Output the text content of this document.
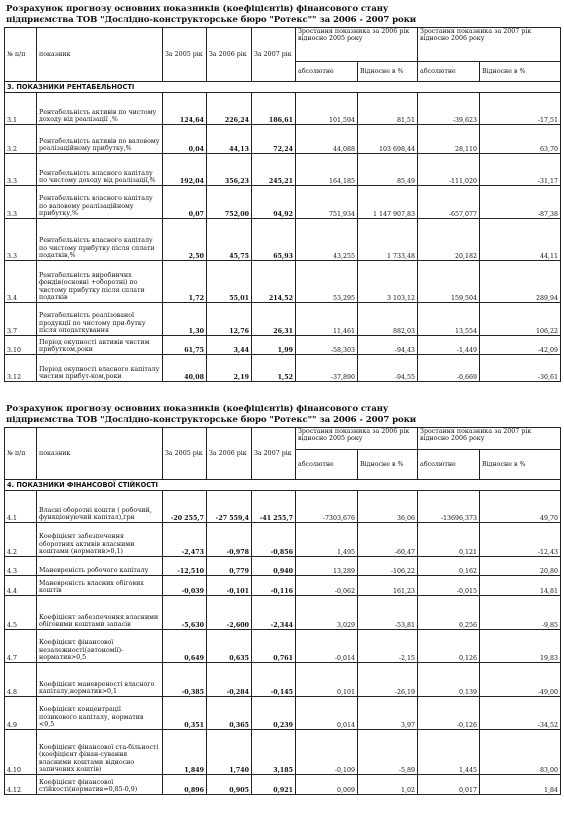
Розрахунок прогнозу основних показників (коефіцієнтів) фінансового стану
підприємства ТОВ "Дослідно-конструкторське бюро "Ротекс"" за 2006 - 2007 роки
№ п/п	показник	За 2005 рік	За 2006 рік	За 2007 рік	Зростання показника за 2006 рік відносно 2005 року		Зростання показника за 2007 рік відносно 2006 року	
					абсолютне	Відносне в %	абсолютне	Відносне в %
3. ПОКАЗНИКИ РЕНТАБЕЛЬНОСТІ								
3.1	Рентабельність активів по чистому доходу від реалізації ,%	124,64	226,24	186,61	101,594	81,51	-39,623	-17,51
3.2	Рентабельність активів по валовому реалізаційному прибутку,%	0,04	44,13	72,24	44,088	103 698,44	28,110	63,70
3.3	Рентабельність власного капіталу по чистому доходу від реалізації,%	192,04	356,23	245,21	164,185	85,49	-111,020	-31,17
3.3	Рентабельність власного капіталу по валовому реалізаційному прибутку,%	0,07	752,00	94,92	751,934	1 147 907,83	-657,077	-87,38
3.3	Рентабельність власного капіталу по чистому прибутку після сплати податків,%	2,50	45,75	65,93	43,255	1 733,48	20,182	44,11
3.4	Рентабельність виробничих фондів(основні +оборотні) по чистому прибутку після сплати податків	1,72	55,01	214,52	53,295	3 103,12	159,504	289,94
3.7	Рентабельність реалізованої продукції по чистому при-бутку після оподаткування	1,30	12,76	26,31	11,461	882,03	13,554	106,22
3.10	Період окупності активів чистим прибутком,роки	61,75	3,44	1,99	-58,303	-94,43	-1,449	-42,09
3.12	Період окупності власного капіталу чистим прибут-ком,роки	40,08	2,19	1,52	-37,890	-94,55	-0,669	-30,61
Розрахунок прогнозу основних показників (коефіцієнтів) фінансового стану
підприємства ТОВ "Дослідно-конструкторське бюро "Ротекс"" за 2006 - 2007 роки
№ п/п	показник	За 2005 рік	За 2006 рік	За 2007 рік	Зростання показника за 2006 рік відносно 2005 року		Зростання показника за 2007 рік відносно 2006 року	
					абсолютне	Відносне в %	абсолютне	Відносне в %
4. ПОКАЗНИКИ ФІНАНСОВОЇ СТІЙКОСТІ								
4.1	Власні оборотні кошти ( робочий, функціонуючий капітал),грн	-20 255,7	-27 559,4	-41 255,7	-7303,676	36,06	-13696,373	49,70
4.2	Коефіцієнт забезпечення оборотних активів власними коштами (норматив>0,1)	-2,473	-0,978	-0,856	1,495	-60,47	0,121	-12,43
4.3	Маневреність робочого капіталу	-12,510	0,779	0,940	13,289	-106,22	0,162	20,80
4.4	Маневреність власних обігових коштів	-0,039	-0,101	-0,116	-0,062	161,23	-0,015	14,81
4.5	Коефіцієнт забезпечення власними обіговими коштами запасів	-5,630	-2,600	-2,344	3,029	-53,81	0,256	-9,85
4.7	Коефіцієнт фінансової незалежності(автономії)-норматив>0,5	0,649	0,635	0,761	-0,014	-2,15	0,126	19,83
4.8	Коефіцієнт маневреності власного капіталу,норматив>0,1	-0,385	-0,284	-0,145	0,101	-26,19	0,139	-49,00
4.9	Коефіцієнт концентрації позикового капіталу, норматив <0,5	0,351	0,365	0,239	0,014	3,97	-0,126	-34,52
4.10	Коефіцієнт фінансової ста-більності (коефіцієнт фінан-сування власними коштами відносно запичених коштів)	1,849	1,740	3,185	-0,109	-5,89	1,445	83,00
4.12	Коефіцієнт фінансової стійкості(норматив=0,85-0,9)	0,896	0,905	0,921	0,009	1,02	0,017	1,84
